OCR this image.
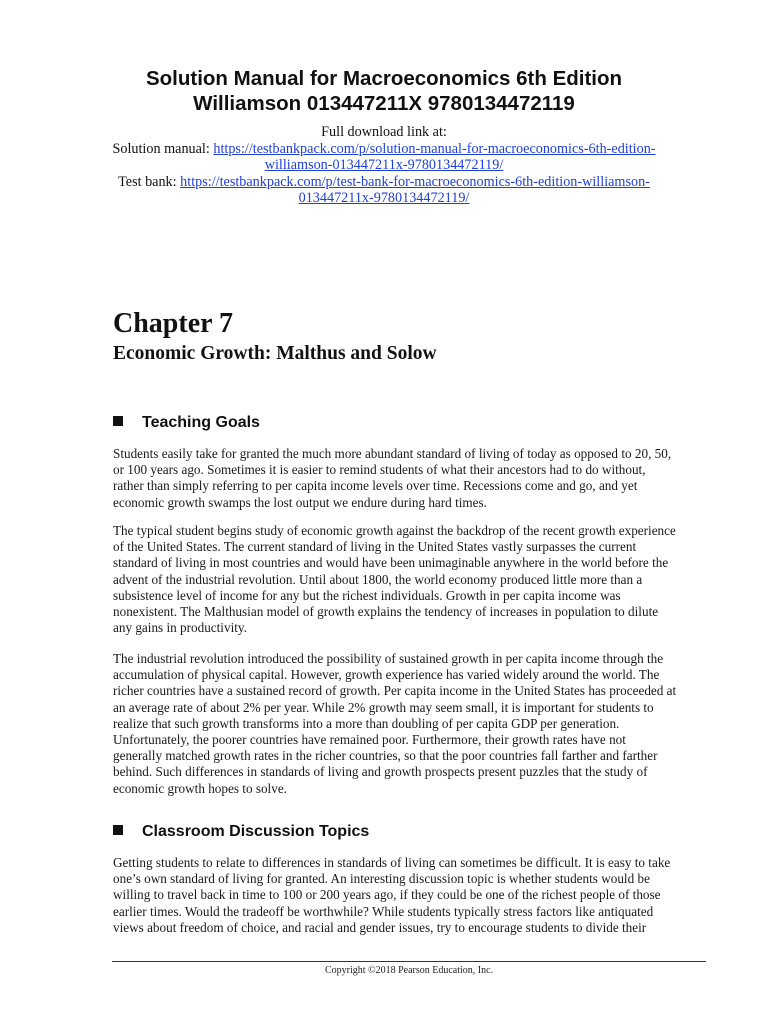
Solution Manual for Macroeconomics 6th Edition
Williamson 013447211X 9780134472119
Full download link at:
Solution manual: https://testbankpack.com/p/solution-manual-for-macroeconomics-6th-edition-
williamson-013447211x-9780134472119/
Test bank: https://testbankpack.com/p/test-bank-for-macroeconomics-6th-edition-williamson-
013447211x-9780134472119/
Chapter 7
Economic Growth: Malthus and Solow
Teaching Goals
Students easily take for granted the much more abundant standard of living of today as opposed to 20, 50,
or 100 years ago. Sometimes it is easier to remind students of what their ancestors had to do without,
rather than simply referring to per capita income levels over time. Recessions come and go, and yet
economic growth swamps the lost output we endure during hard times.
The typical student begins study of economic growth against the backdrop of the recent growth experience
of the United States. The current standard of living in the United States vastly surpasses the current
standard of living in most countries and would have been unimaginable anywhere in the world before the
advent of the industrial revolution. Until about 1800, the world economy produced little more than a
subsistence level of income for any but the richest individuals. Growth in per capita income was
nonexistent. The Malthusian model of growth explains the tendency of increases in population to dilute
any gains in productivity.
The industrial revolution introduced the possibility of sustained growth in per capita income through the
accumulation of physical capital. However, growth experience has varied widely around the world. The
richer countries have a sustained record of growth. Per capita income in the United States has proceeded at
an average rate of about 2% per year. While 2% growth may seem small, it is important for students to
realize that such growth transforms into a more than doubling of per capita GDP per generation.
Unfortunately, the poorer countries have remained poor. Furthermore, their growth rates have not
generally matched growth rates in the richer countries, so that the poor countries fall farther and farther
behind. Such differences in standards of living and growth prospects present puzzles that the study of
economic growth hopes to solve.
Classroom Discussion Topics
Getting students to relate to differences in standards of living can sometimes be difficult. It is easy to take
one’s own standard of living for granted. An interesting discussion topic is whether students would be
willing to travel back in time to 100 or 200 years ago, if they could be one of the richest people of those
earlier times. Would the tradeoff be worthwhile? While students typically stress factors like antiquated
views about freedom of choice, and racial and gender issues, try to encourage students to divide their
Copyright ©2018 Pearson Education, Inc.
